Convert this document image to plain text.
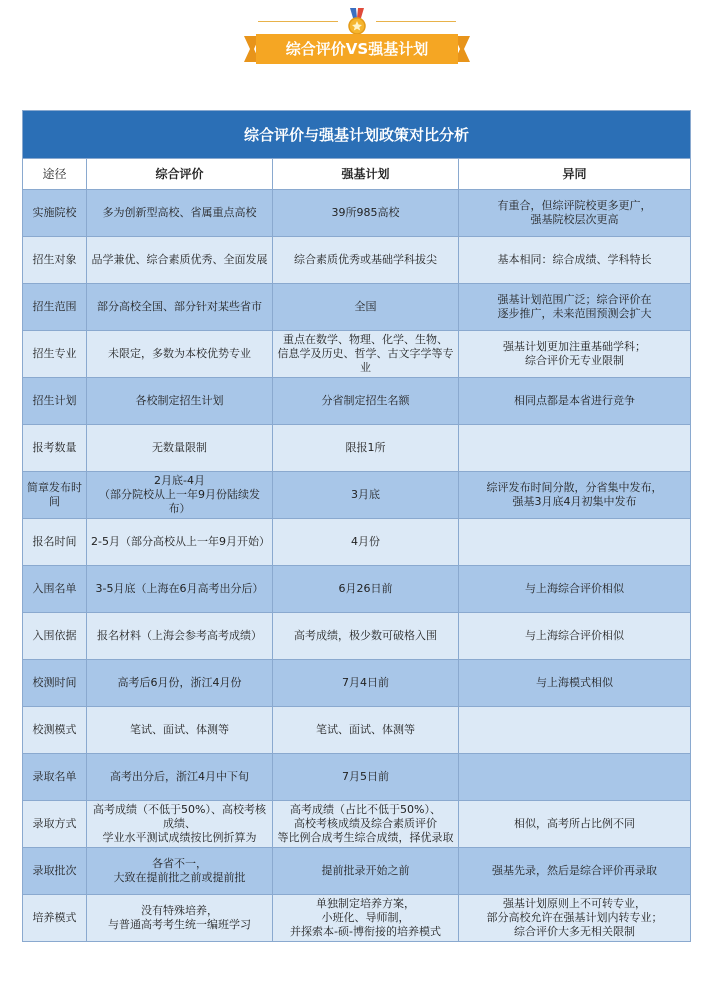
综合评价VS强基计划
综合评价与强基计划政策对比分析			
途径	综合评价	强基计划	异同
实施院校	多为创新型高校、省属重点高校	39所985高校	有重合，但综评院校更多更广，
强基院校层次更高
招生对象	品学兼优、综合素质优秀、全面发展	综合素质优秀或基础学科拔尖	基本相同：综合成绩、学科特长
招生范围	部分高校全国、部分针对某些省市	全国	强基计划范围广泛；综合评价在
逐步推广，未来范围预测会扩大
招生专业	未限定，多数为本校优势专业	重点在数学、物理、化学、生物、
信息学及历史、哲学、古文字学等专
业	强基计划更加注重基础学科；
综合评价无专业限制
招生计划	各校制定招生计划	分省制定招生名额	相同点都是本省进行竞争
报考数量	无数量限制	限报1所	
简章发布时间	2月底-4月
（部分院校从上一年9月份陆续发布）	3月底	综评发布时间分散，分省集中发布，
强基3月底4月初集中发布
报名时间	2-5月（部分高校从上一年9月开始）	4月份	
入围名单	3-5月底（上海在6月高考出分后）	6月26日前	与上海综合评价相似
入围依据	报名材料（上海会参考高考成绩）	高考成绩，极少数可破格入围	与上海综合评价相似
校测时间	高考后6月份，浙江4月份	7月4日前	与上海模式相似
校测模式	笔试、面试、体测等	笔试、面试、体测等	
录取名单	高考出分后，浙江4月中下旬	7月5日前	
录取方式	高考成绩（不低于50%）、高校考核
成绩、
学业水平测试成绩按比例折算为	高考成绩（占比不低于50%）、
高校考核成绩及综合素质评价
等比例合成考生综合成绩，择优录取	相似，高考所占比例不同
录取批次	各省不一，
大致在提前批之前或提前批	提前批录开始之前	强基先录，然后是综合评价再录取
培养模式	没有特殊培养，
与普通高考考生统一编班学习	单独制定培养方案，
小班化、导师制，
并探索本-硕-博衔接的培养模式	强基计划原则上不可转专业，
部分高校允许在强基计划内转专业；
综合评价大多无相关限制
